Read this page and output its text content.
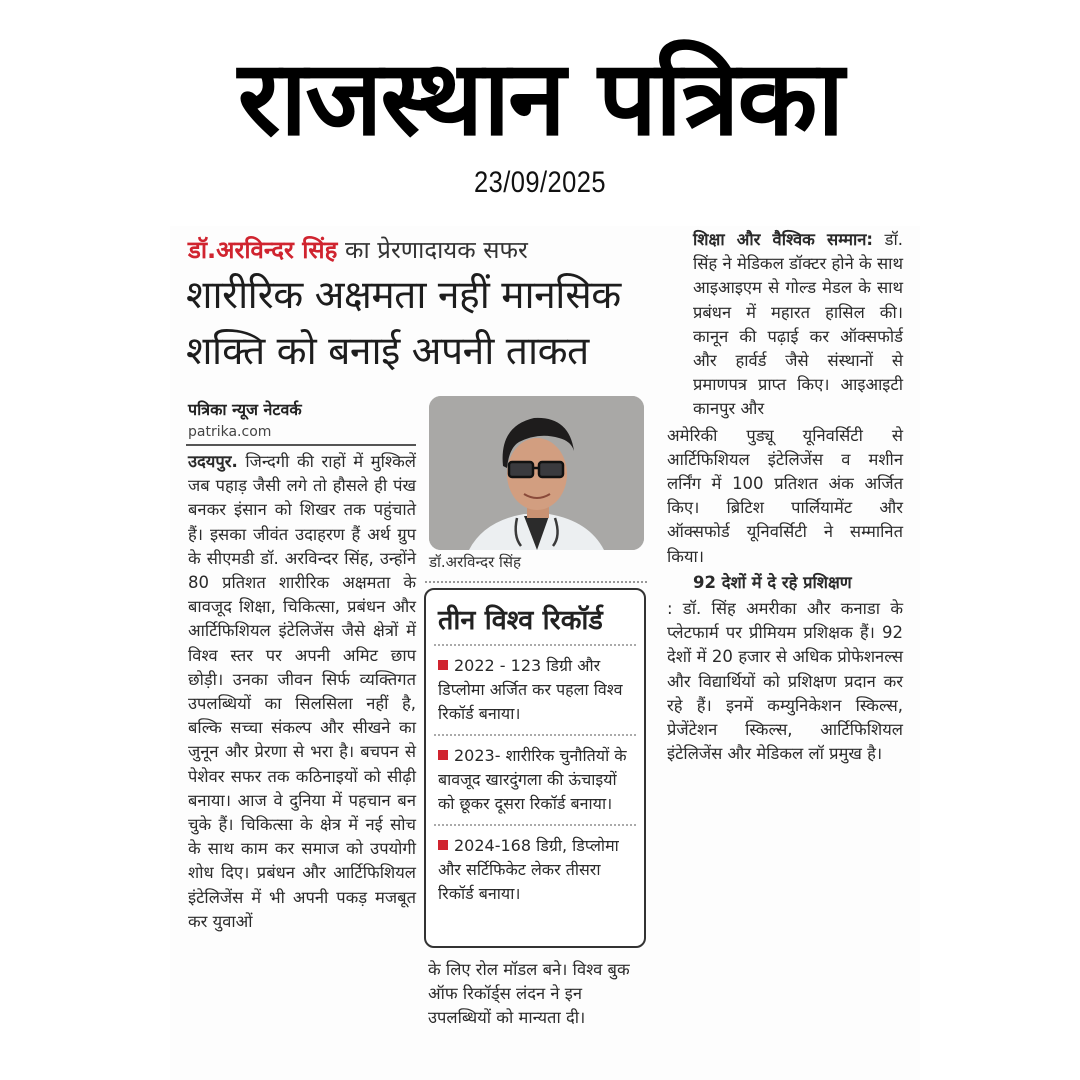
राजस्थान पत्रिका
23/09/2025
डॉ.अरविन्दर सिंह का प्रेरणादायक सफर
शारीरिक अक्षमता नहीं मानसिक
शक्ति को बनाई अपनी ताकत
पत्रिका न्यूज नेटवर्क
patrika.com
उदयपुर. जिन्दगी की राहों में मुश्किलें जब पहाड़ जैसी लगे तो हौसले ही पंख बनकर इंसान को शिखर तक पहुंचाते हैं। इसका जीवंत उदाहरण हैं अर्थ ग्रुप के सीएमडी डॉ. अरविन्दर सिंह, उन्होंने 80 प्रतिशत शारीरिक अक्षमता के बावजूद शिक्षा, चिकित्सा, प्रबंधन और आर्टिफिशियल इंटेलिजेंस जैसे क्षेत्रों में विश्व स्तर पर अपनी अमिट छाप छोड़ी। उनका जीवन सिर्फ व्यक्तिगत उपलब्धियों का सिलसिला नहीं है, बल्कि सच्चा संकल्प और सीखने का जुनून और प्रेरणा से भरा है। बचपन से पेशेवर सफर तक कठिनाइयों को सीढ़ी बनाया। आज वे दुनिया में पहचान बन चुके हैं। चिकित्सा के क्षेत्र में नई सोच के साथ काम कर समाज को उपयोगी शोध दिए। प्रबंधन और आर्टिफिशियल इंटेलिजेंस में भी अपनी पकड़ मजबूत कर युवाओं
डॉ.अरविन्दर सिंह
तीन विश्व रिकॉर्ड
2022 - 123 डिग्री और डिप्लोमा अर्जित कर पहला विश्व रिकॉर्ड बनाया।
2023- शारीरिक चुनौतियों के बावजूद खारदुंगला की ऊंचाइयों को छूकर दूसरा रिकॉर्ड बनाया।
2024-168 डिग्री, डिप्लोमा और सर्टिफिकेट लेकर तीसरा रिकॉर्ड बनाया।
के लिए रोल मॉडल बने। विश्व बुक ऑफ रिकॉर्ड्स लंदन ने इन उपलब्धियों को मान्यता दी।

शिक्षा और वैश्विक सम्मान: डॉ. सिंह ने मेडिकल डॉक्टर होने के साथ आइआइएम से गोल्ड मेडल के साथ प्रबंधन में महारत हासिल की। कानून की पढ़ाई कर ऑक्सफोर्ड और हार्वर्ड जैसे संस्थानों से प्रमाणपत्र प्राप्त किए। आइआइटी कानपुर और

अमेरिकी पुड्यू यूनिवर्सिटी से आर्टिफिशियल इंटेलिजेंस व मशीन लर्निंग में 100 प्रतिशत अंक अर्जित किए। ब्रिटिश पार्लियामेंट और ऑक्सफोर्ड यूनिवर्सिटी ने सम्मानित किया।

92 देशों में दे रहे प्रशिक्षण

: डॉ. सिंह अमरीका और कनाडा के प्लेटफार्म पर प्रीमियम प्रशिक्षक हैं। 92 देशों में 20 हजार से अधिक प्रोफेशनल्स और विद्यार्थियों को प्रशिक्षण प्रदान कर रहे हैं। इनमें कम्युनिकेशन स्किल्स, प्रेजेंटेशन स्किल्स, आर्टिफिशियल इंटेलिजेंस और मेडिकल लॉ प्रमुख है।
